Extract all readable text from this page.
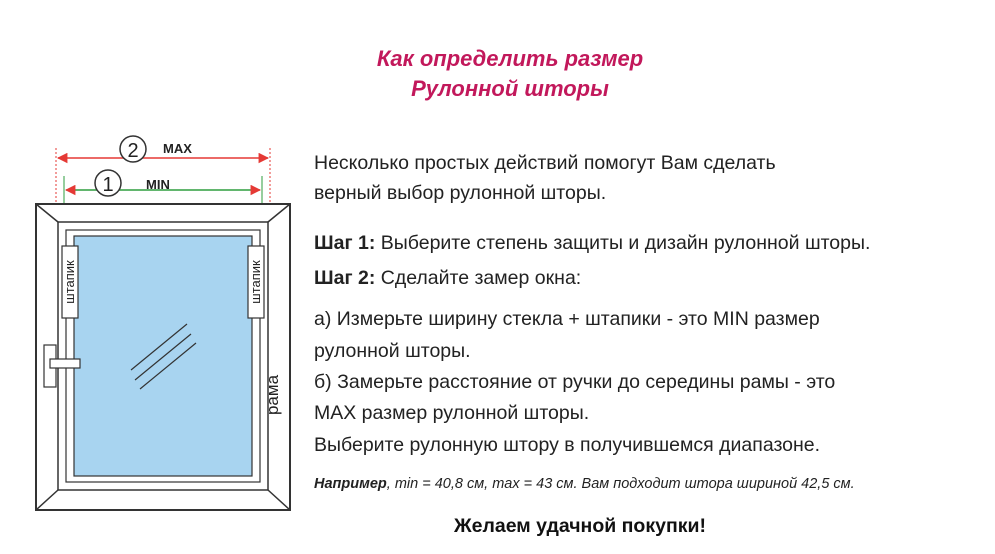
Как определить размер
Рулонной шторы
2 MAX
1 MIN
штапик	штапик
рама
Несколько простых действий помогут Вам сделать
верный выбор рулонной шторы.
Шаг 1: Выберите степень защиты и дизайн рулонной шторы.
Шаг 2: Сделайте замер окна:
а) Измерьте ширину стекла + штапики - это MIN размер
рулонной шторы.
б) Замерьте расстояние от ручки до середины рамы - это
MAX размер рулонной шторы.
Выберите рулонную штору в получившемся диапазоне.
Например, min = 40,8 см, max = 43 см. Вам подходит штора шириной 42,5 см.
Желаем удачной покупки!
